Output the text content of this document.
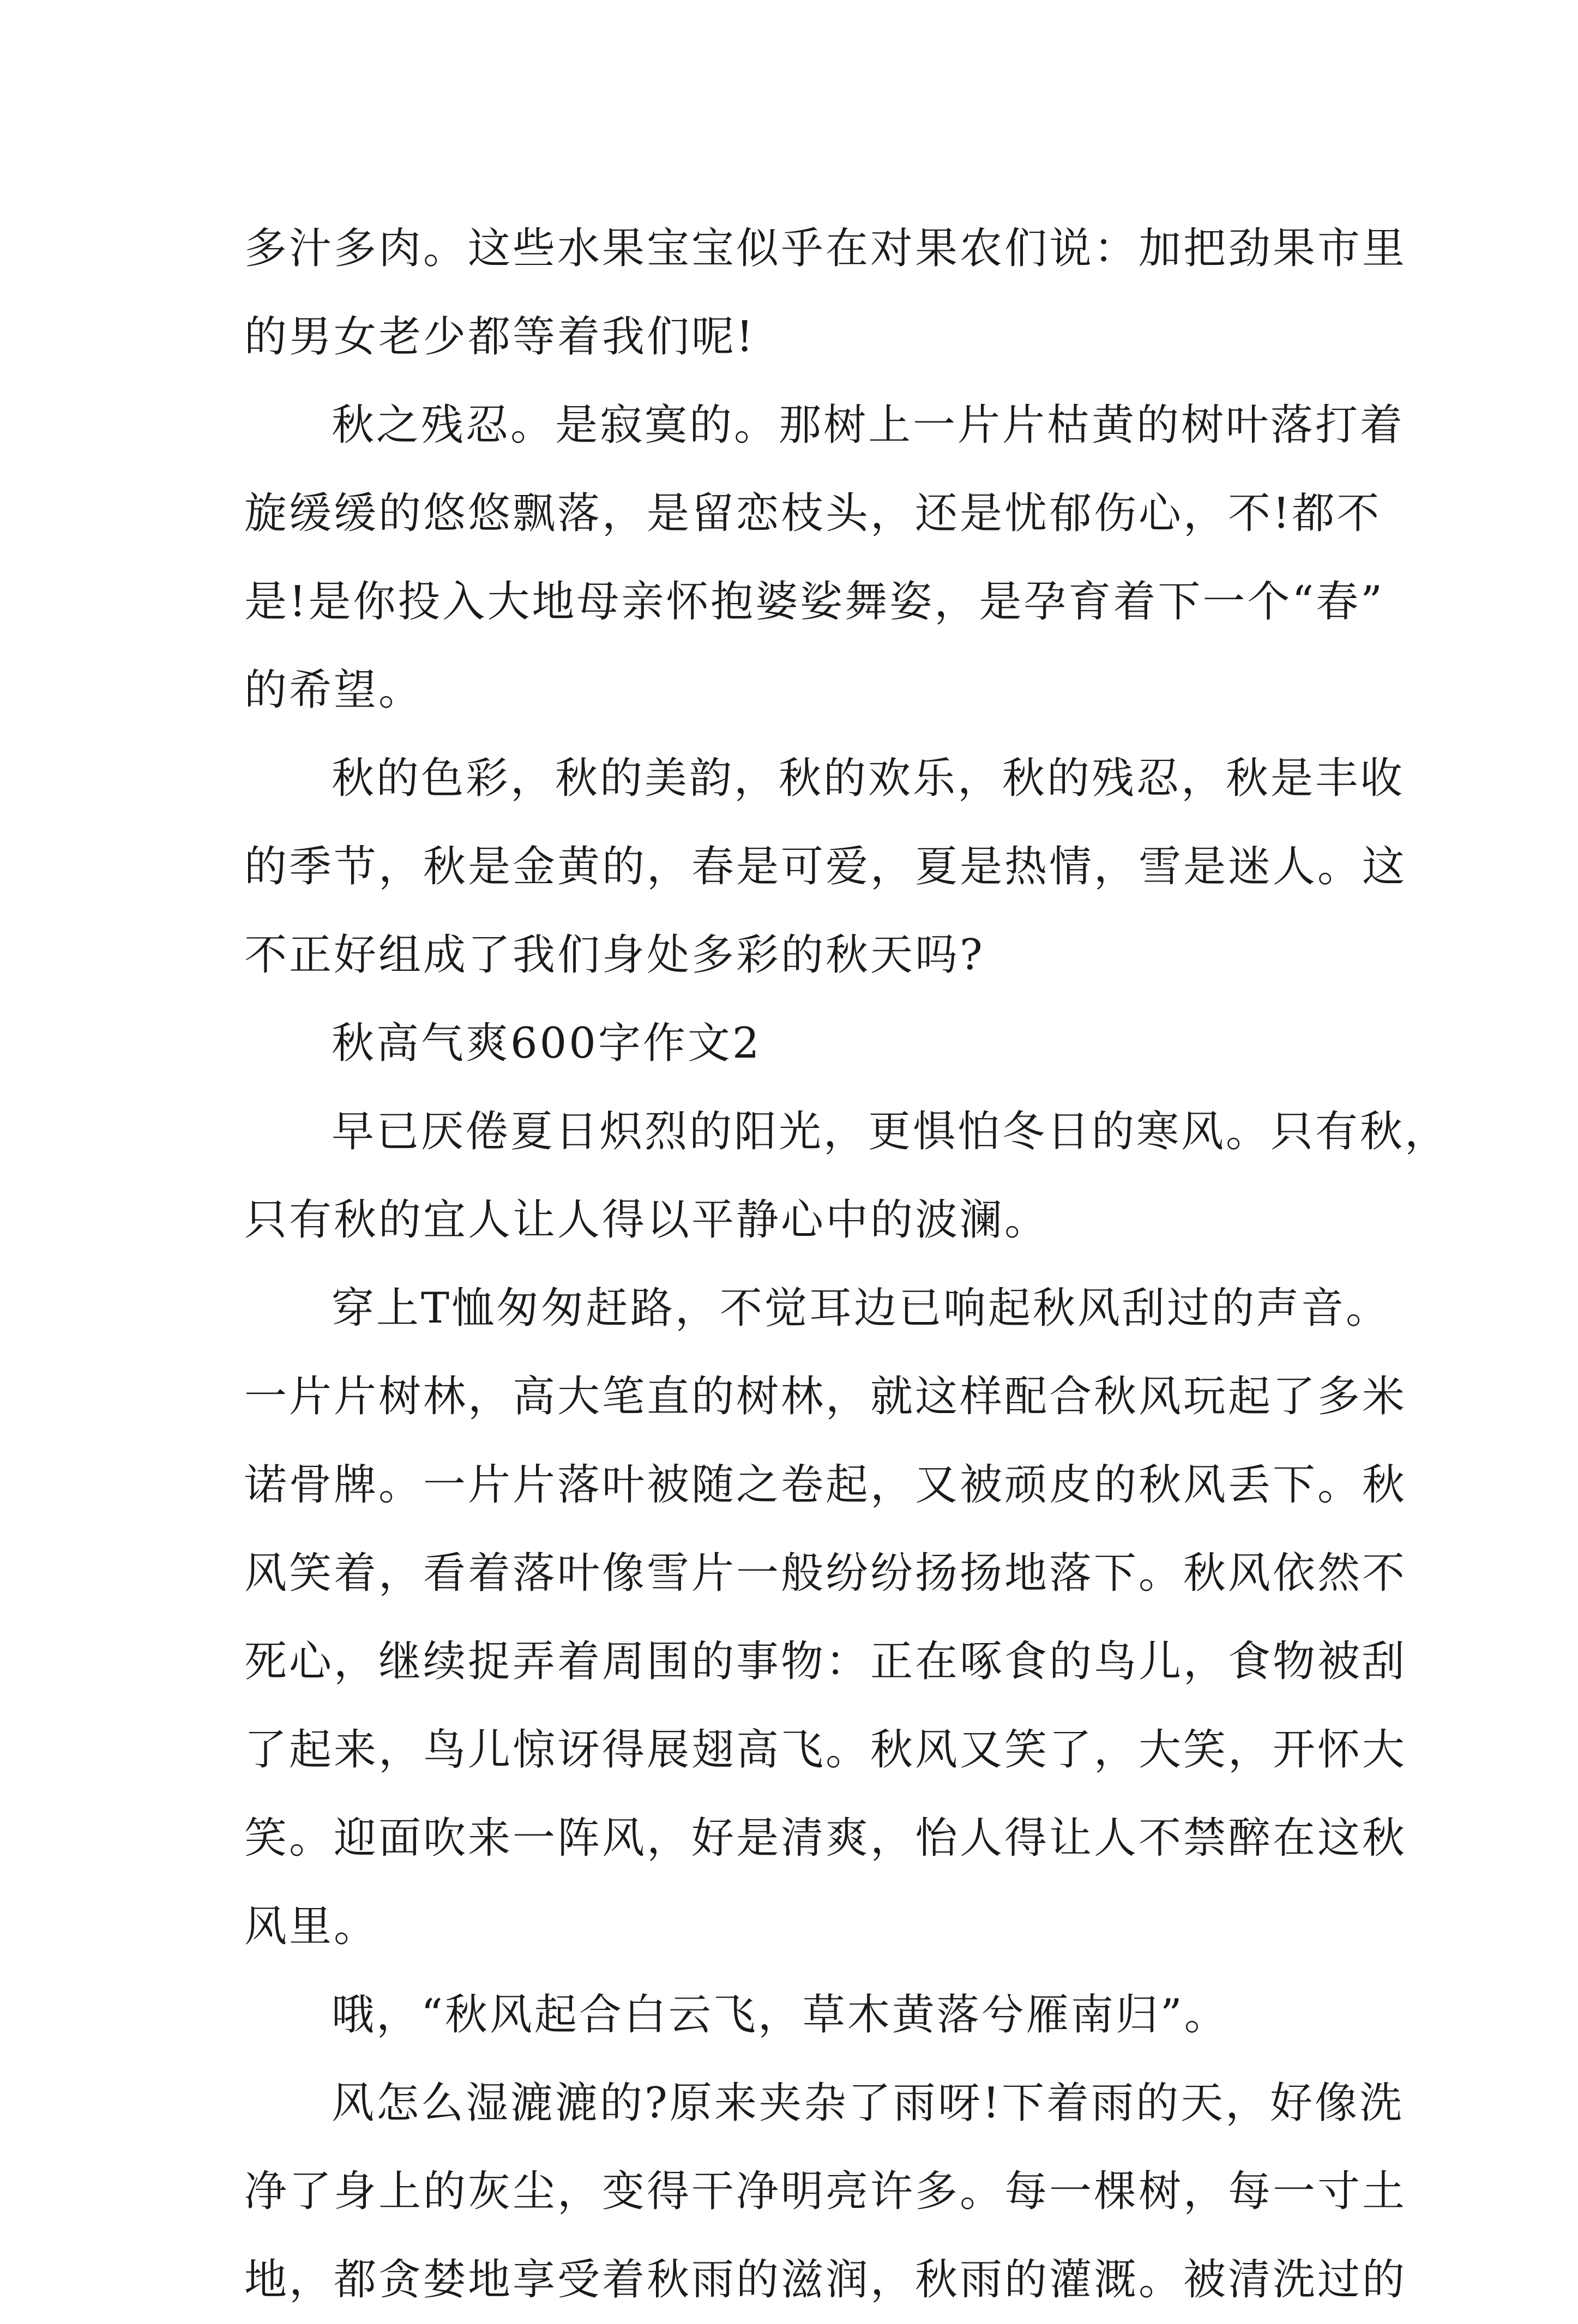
多汁多肉。这些水果宝宝似乎在对果农们说：加把劲果市里
的男女老少都等着我们呢!
秋之残忍。是寂寞的。那树上一片片枯黄的树叶落打着
旋缓缓的悠悠飘落，是留恋枝头，还是忧郁伤心，不!都不
是!是你投入大地母亲怀抱婆娑舞姿，是孕育着下一个“春”
的希望。
秋的色彩，秋的美韵，秋的欢乐，秋的残忍，秋是丰收
的季节，秋是金黄的，春是可爱，夏是热情，雪是迷人。这
不正好组成了我们身处多彩的秋天吗?
秋高气爽600字作文2
早已厌倦夏日炽烈的阳光，更惧怕冬日的寒风。只有秋，
只有秋的宜人让人得以平静心中的波澜。
穿上T恤匆匆赶路，不觉耳边已响起秋风刮过的声音。
一片片树林，高大笔直的树林，就这样配合秋风玩起了多米
诺骨牌。一片片落叶被随之卷起，又被顽皮的秋风丢下。秋
风笑着，看着落叶像雪片一般纷纷扬扬地落下。秋风依然不
死心，继续捉弄着周围的事物：正在啄食的鸟儿，食物被刮
了起来，鸟儿惊讶得展翅高飞。秋风又笑了，大笑，开怀大
笑。迎面吹来一阵风，好是清爽，怡人得让人不禁醉在这秋
风里。
哦，“秋风起合白云飞，草木黄落兮雁南归”。
风怎么湿漉漉的?原来夹杂了雨呀!下着雨的天，好像洗
净了身上的灰尘，变得干净明亮许多。每一棵树，每一寸土
地，都贪婪地享受着秋雨的滋润，秋雨的灌溉。被清洗过的
